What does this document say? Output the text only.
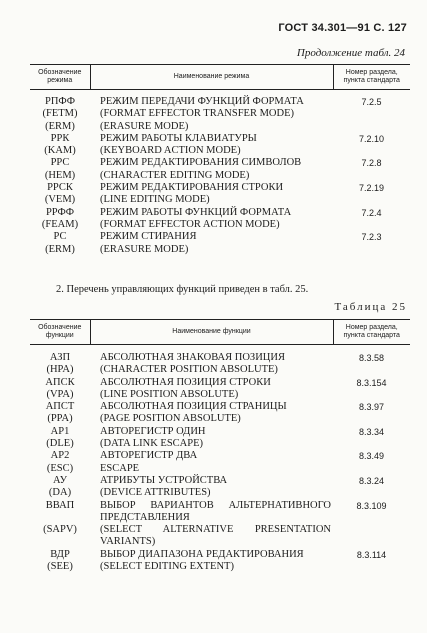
ГОСТ 34.301—91 С. 127
Продолжение табл. 24
Обозначение
режима	Наименование режима	Номер раздела,
пункта стандарта

РПФФ	РЕЖИМ ПЕРЕДАЧИ ФУНКЦИЙ ФОРМАТА	7.2.5
(FETM)	(FORMAT EFFECTOR TRANSFER MODE)	
(ERM)	(ERASURE MODE)	
РРК	РЕЖИМ РАБОТЫ КЛАВИАТУРЫ	7.2.10
(KAM)	(KEYBOARD ACTION MODE)	
РРС	РЕЖИМ РЕДАКТИРОВАНИЯ СИМВОЛОВ	7.2.8
(HEM)	(CHARACTER EDITING MODE)	
РРСК	РЕЖИМ РЕДАКТИРОВАНИЯ СТРОКИ	7.2.19
(VEM)	(LINE EDITING MODE)	
РРФФ	РЕЖИМ РАБОТЫ ФУНКЦИЙ ФОРМАТА	7.2.4
(FEAM)	(FORMAT EFFECTOR ACTION MODE)	
РС	РЕЖИМ СТИРАНИЯ	7.2.3
(ERM)	(ERASURE MODE)	
2. Перечень управляющих функций приведен в табл. 25.
Таблица 25
Обозначение
функции	Наименование функции	Номер раздела,
пункта стандарта

АЗП	АБСОЛЮТНАЯ ЗНАКОВАЯ ПОЗИЦИЯ	8.3.58
(HPA)	(CHARACTER POSITION ABSOLUTE)	
АПСК	АБСОЛЮТНАЯ ПОЗИЦИЯ СТРОКИ	8.3.154
(VPA)	(LINE POSITION ABSOLUTE)	
АПСТ	АБСОЛЮТНАЯ ПОЗИЦИЯ СТРАНИЦЫ	8.3.97
(PPA)	(PAGE POSITION ABSOLUTE)	
АР1	АВТОРЕГИСТР ОДИН	8.3.34
(DLE)	(DATA LINK ESCAPE)	
АР2	АВТОРЕГИСТР ДВА	8.3.49
(ESC)	ESCAPE	
АУ	АТРИБУТЫ УСТРОЙСТВА	8.3.24
(DA)	(DEVICE ATTRIBUTES)	
ВВАП	ВЫБОР ВАРИАНТОВ АЛЬТЕРНАТИВНОГО ПРЕДСТАВЛЕНИЯ	8.3.109
(SAPV)	(SELECT ALTERNATIVE PRESENTATION VARIANTS)	
ВДР	ВЫБОР ДИАПАЗОНА РЕДАКТИРОВАНИЯ	8.3.114
(SEE)	(SELECT EDITING EXTENT)	
